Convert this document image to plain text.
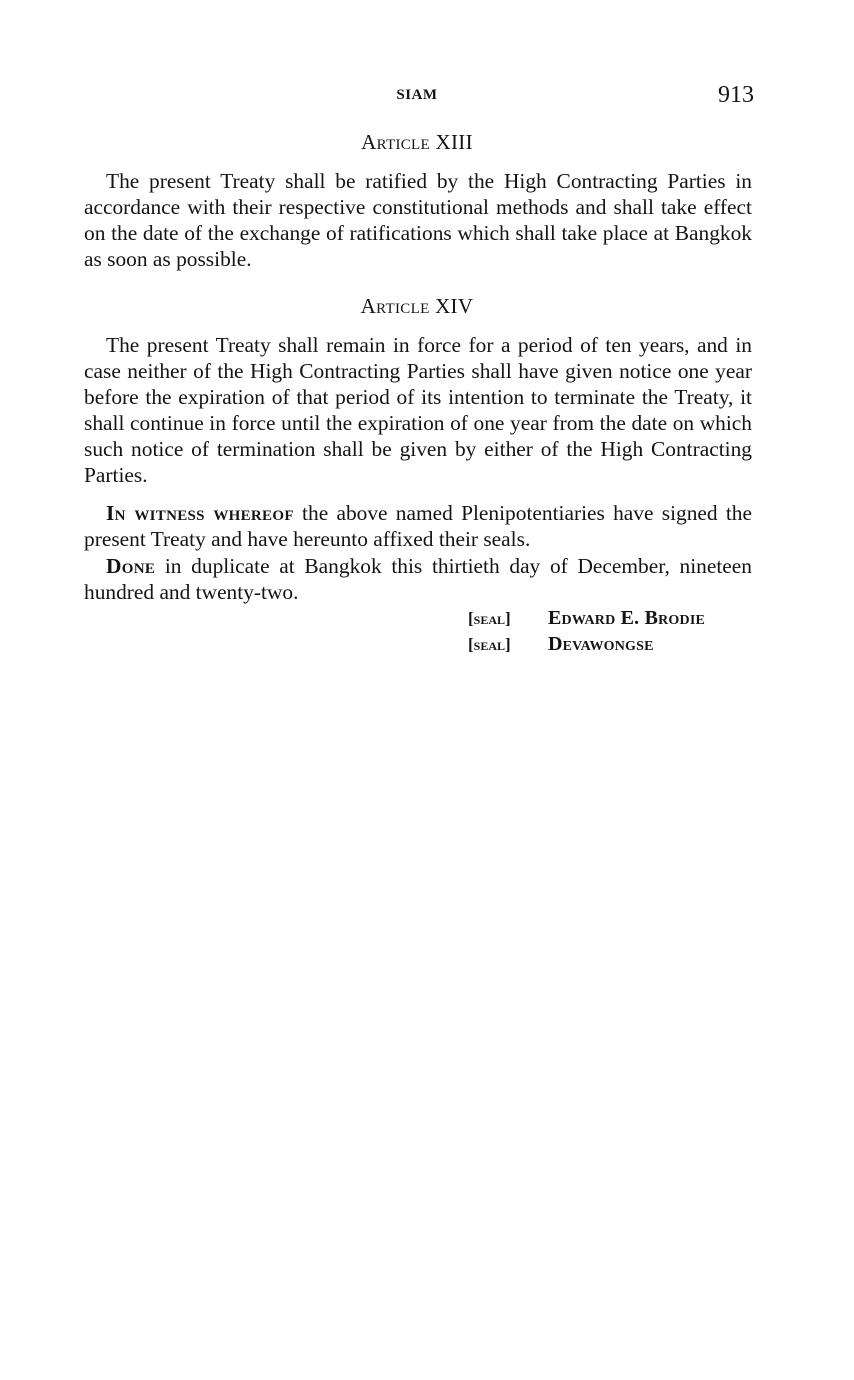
SIAM	913
Article XIII

The present Treaty shall be ratified by the High Contracting Parties in accordance with their respective constitutional methods and shall take effect on the date of the exchange of ratifications which shall take place at Bangkok as soon as possible.

Article XIV

The present Treaty shall remain in force for a period of ten years, and in case neither of the High Contracting Parties shall have given notice one year before the expiration of that period of its intention to terminate the Treaty, it shall continue in force until the expiration of one year from the date on which such notice of termination shall be given by either of the High Contracting Parties.

In witness whereof the above named Plenipotentiaries have signed the present Treaty and have hereunto affixed their seals.

Done in duplicate at Bangkok this thirtieth day of December, nineteen hundred and twenty-two.

[seal] Edward E. Brodie
[seal] Devawongse
